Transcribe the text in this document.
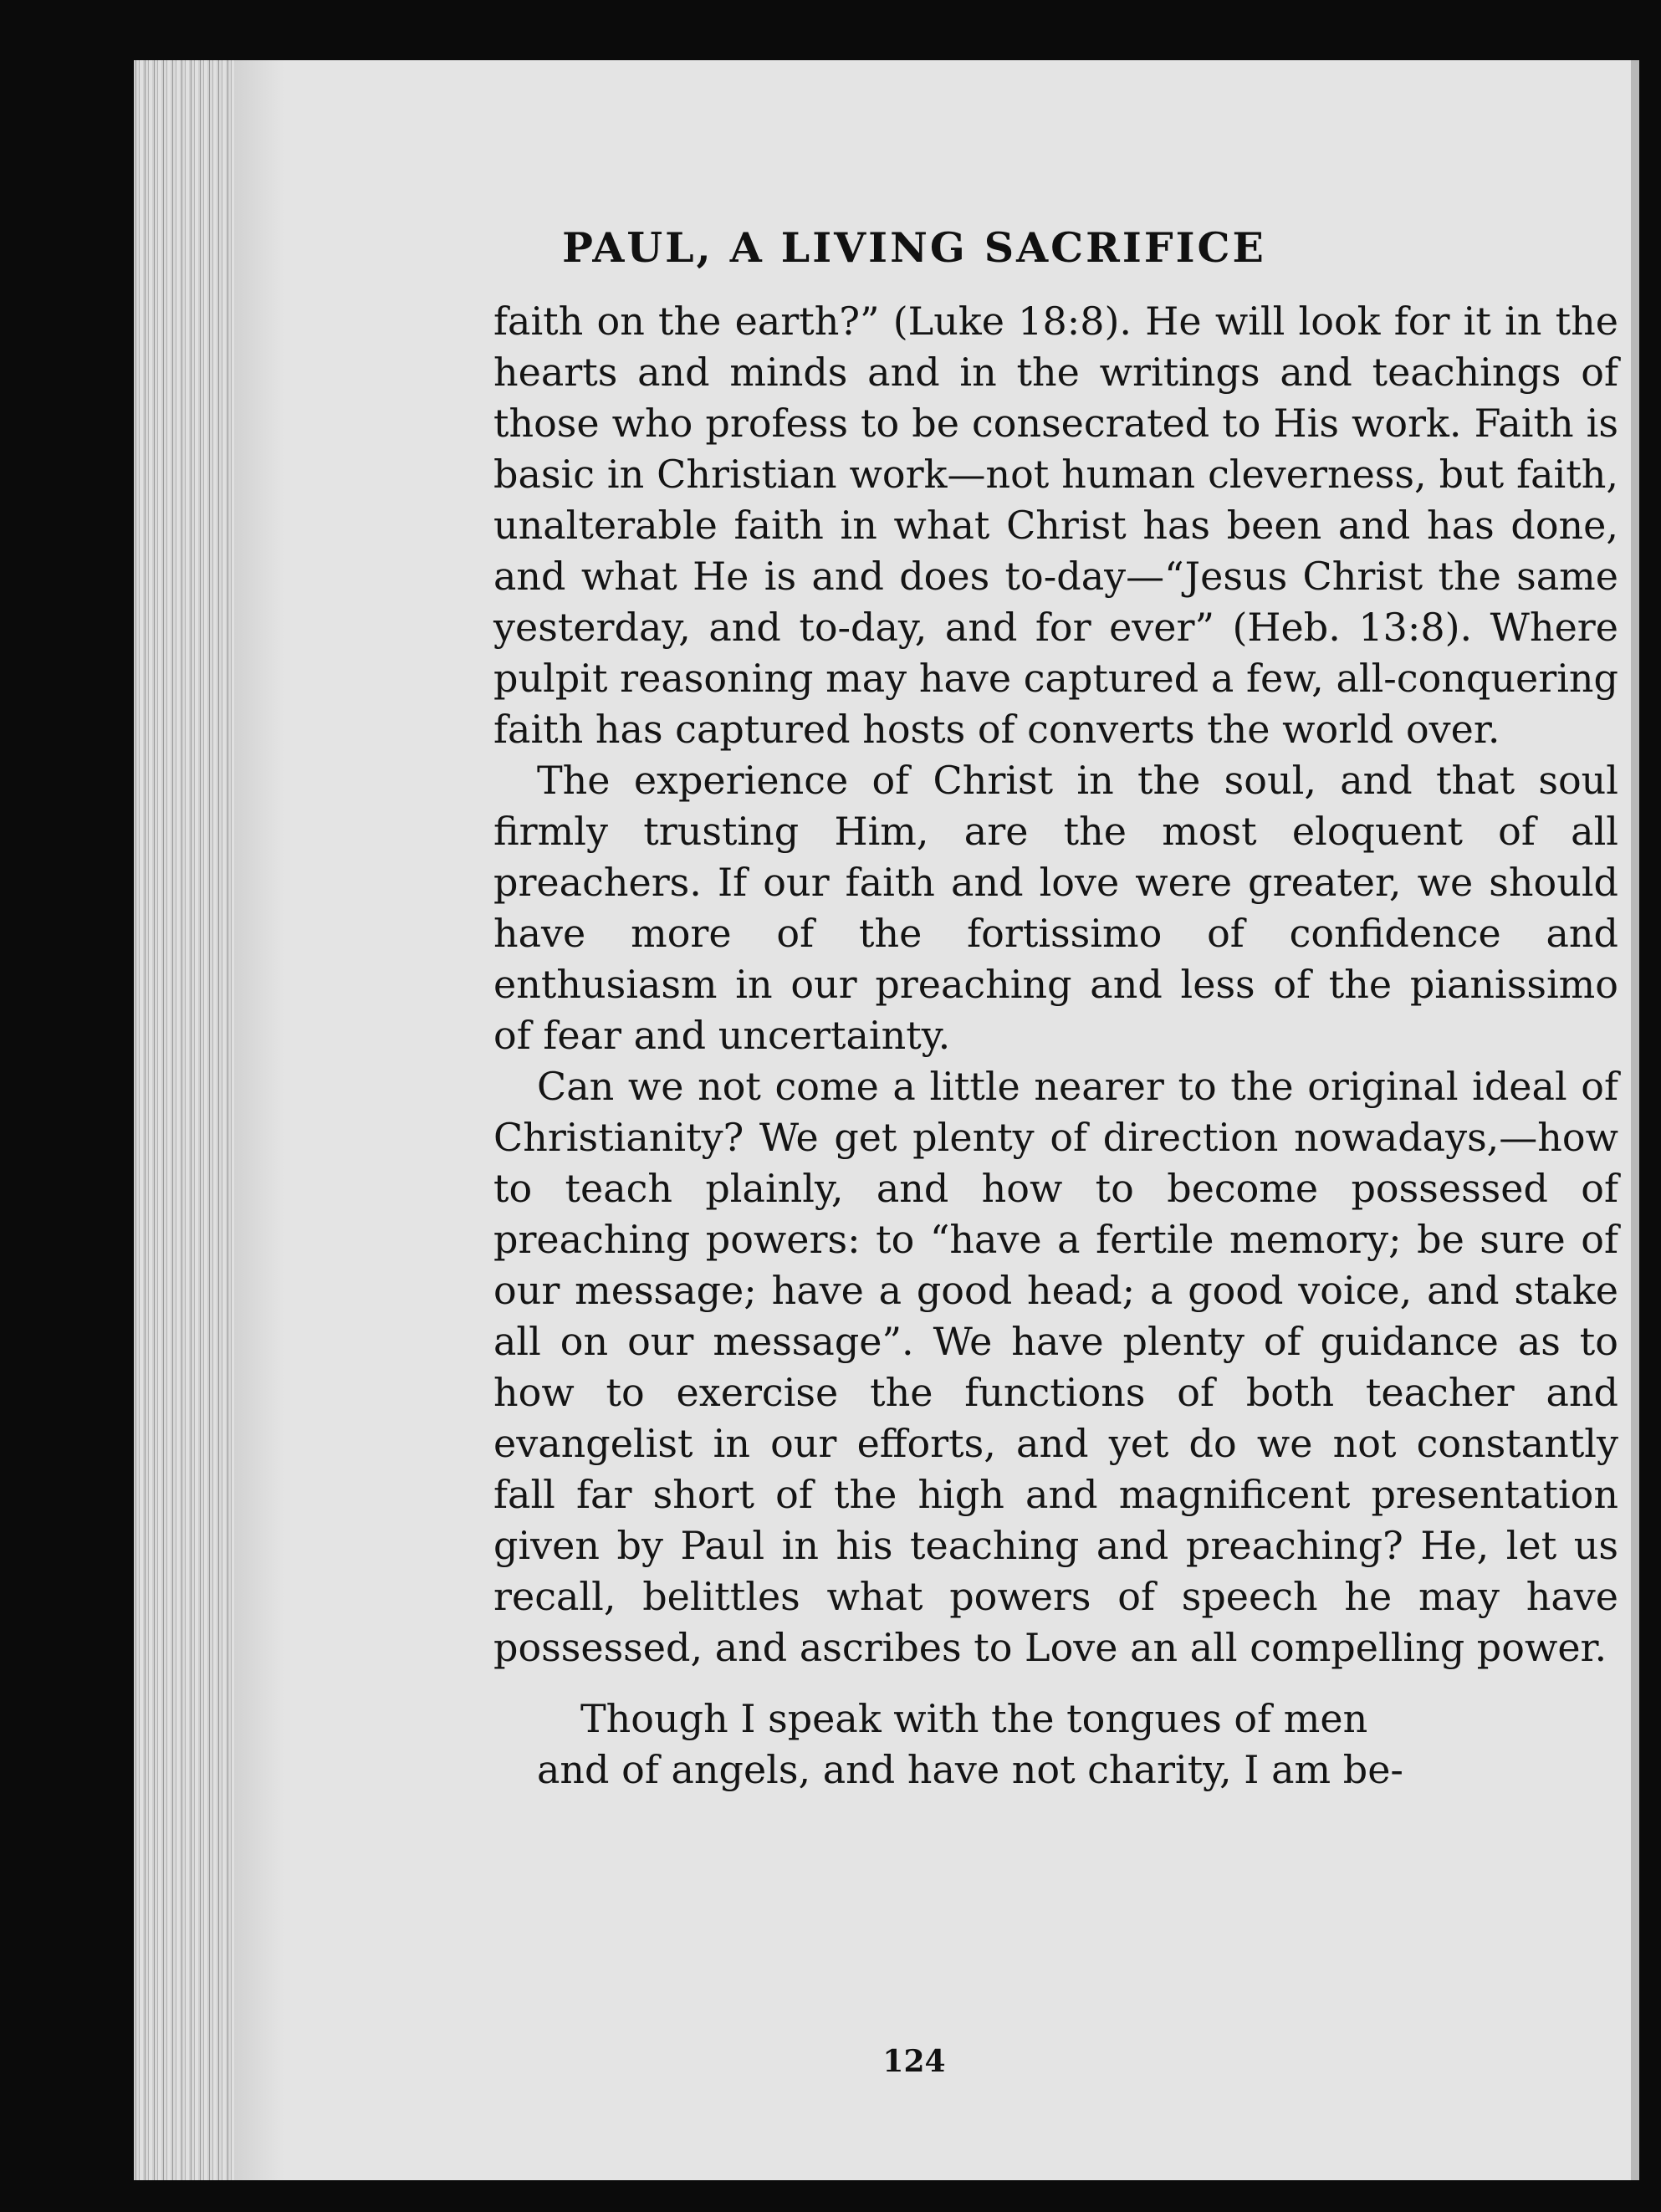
PAUL, A LIVING SACRIFICE

faith on the earth?” (Luke 18:8). He will look for it in the hearts and minds and in the writings and teachings of those who profess to be consecrated to His work. Faith is basic in Christian work—not human cleverness, but faith, unalterable faith in what Christ has been and has done, and what He is and does to-day—“Jesus Christ the same yesterday, and to-day, and for ever” (Heb. 13:8). Where pulpit reasoning may have captured a few, all-conquering faith has captured hosts of converts the world over.

The experience of Christ in the soul, and that soul firmly trusting Him, are the most eloquent of all preachers. If our faith and love were greater, we should have more of the fortissimo of confidence and enthusiasm in our preaching and less of the pianissimo of fear and uncertainty.

Can we not come a little nearer to the original ideal of Christianity? We get plenty of direction nowadays,—how to teach plainly, and how to become possessed of preaching powers: to “have a fertile memory; be sure of our message; have a good head; a good voice, and stake all on our message”. We have plenty of guidance as to how to exercise the functions of both teacher and evangelist in our efforts, and yet do we not constantly fall far short of the high and magnificent presentation given by Paul in his teaching and preaching? He, let us recall, belittles what powers of speech he may have possessed, and ascribes to Love an all compelling power.

Though I speak with the tongues of men
and of angels, and have not charity, I am be-

124
